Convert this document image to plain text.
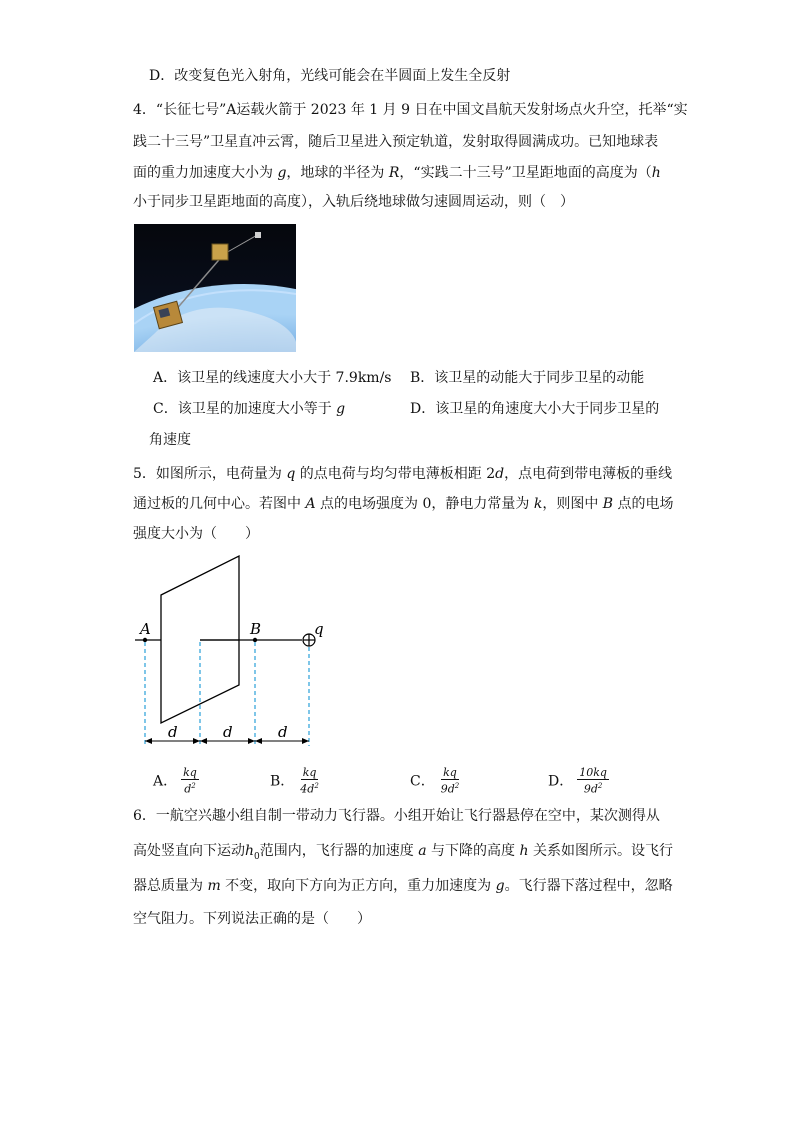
D．改变复色光入射角，光线可能会在半圆面上发生全反射
4．“长征七号”A运载火箭于 2023 年 1 月 9 日在中国文昌航天发射场点火升空，托举“实
践二十三号”卫星直冲云霄，随后卫星进入预定轨道，发射取得圆满成功。已知地球表
面的重力加速度大小为 g，地球的半径为 R，“实践二十三号”卫星距地面的高度为（h
小于同步卫星距地面的高度），入轨后绕地球做匀速圆周运动，则（　）
A．该卫星的线速度大小大于 7.9km/s B．该卫星的动能大于同步卫星的动能
C．该卫星的加速度大小等于 g	D．该卫星的角速度大小大于同步卫星的
角速度
5．如图所示，电荷量为 q 的点电荷与均匀带电薄板相距 2d，点电荷到带电薄板的垂线
通过板的几何中心。若图中 A 点的电场强度为 0，静电力常量为 k，则图中 B 点的电场
强度大小为（　　）
A	B	q
d	d	d
A． $\frac{kq}{d^2}$	B． $\frac{kq}{4d^2}$	C． $\frac{kq}{9d^2}$	D． $\frac{10kq}{9d^2}$
6．一航空兴趣小组自制一带动力飞行器。小组开始让飞行器悬停在空中，某次测得从
高处竖直向下运动$h_0$范围内，飞行器的加速度 a 与下降的高度 h 关系如图所示。设飞行
器总质量为 m 不变，取向下方向为正方向，重力加速度为 g。飞行器下落过程中，忽略
空气阻力。下列说法正确的是（　　）
